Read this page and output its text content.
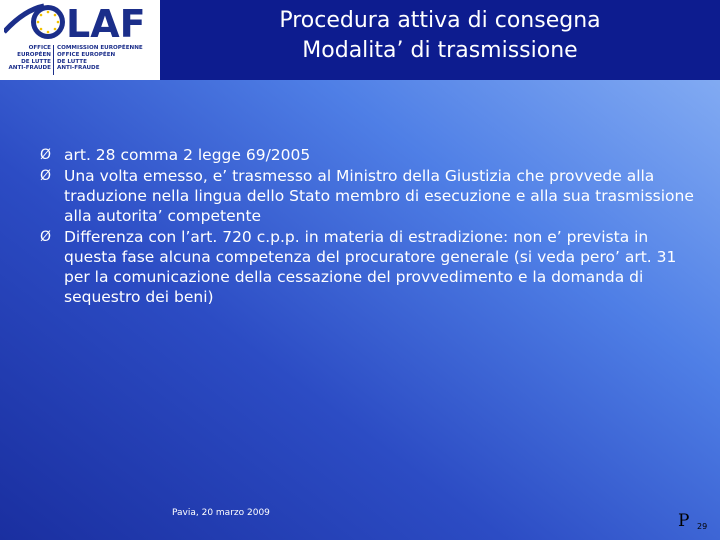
LAF
OFFICE
EUROPÉEN
DE LUTTE
ANTI-FRAUDE
COMMISSION EUROPÉENNE
OFFICE EUROPÉEN
DE LUTTE
ANTI-FRAUDE
Procedura attiva di consegna
Modalita’ di trasmissione
Ø art. 28 comma 2 legge 69/2005
Ø Una volta emesso, e’ trasmesso al Ministro della Giustizia che provvede alla traduzione nella lingua dello Stato membro di esecuzione e alla sua trasmissione alla autorita’ competente
Ø Differenza con l’art. 720 c.p.p. in materia di estradizione: non e’ prevista in questa fase alcuna competenza del procuratore generale (si veda pero’ art. 31 per la comunicazione della cessazione del provvedimento e la domanda di sequestro dei beni)
Pavia, 20 marzo 2009	P 29
